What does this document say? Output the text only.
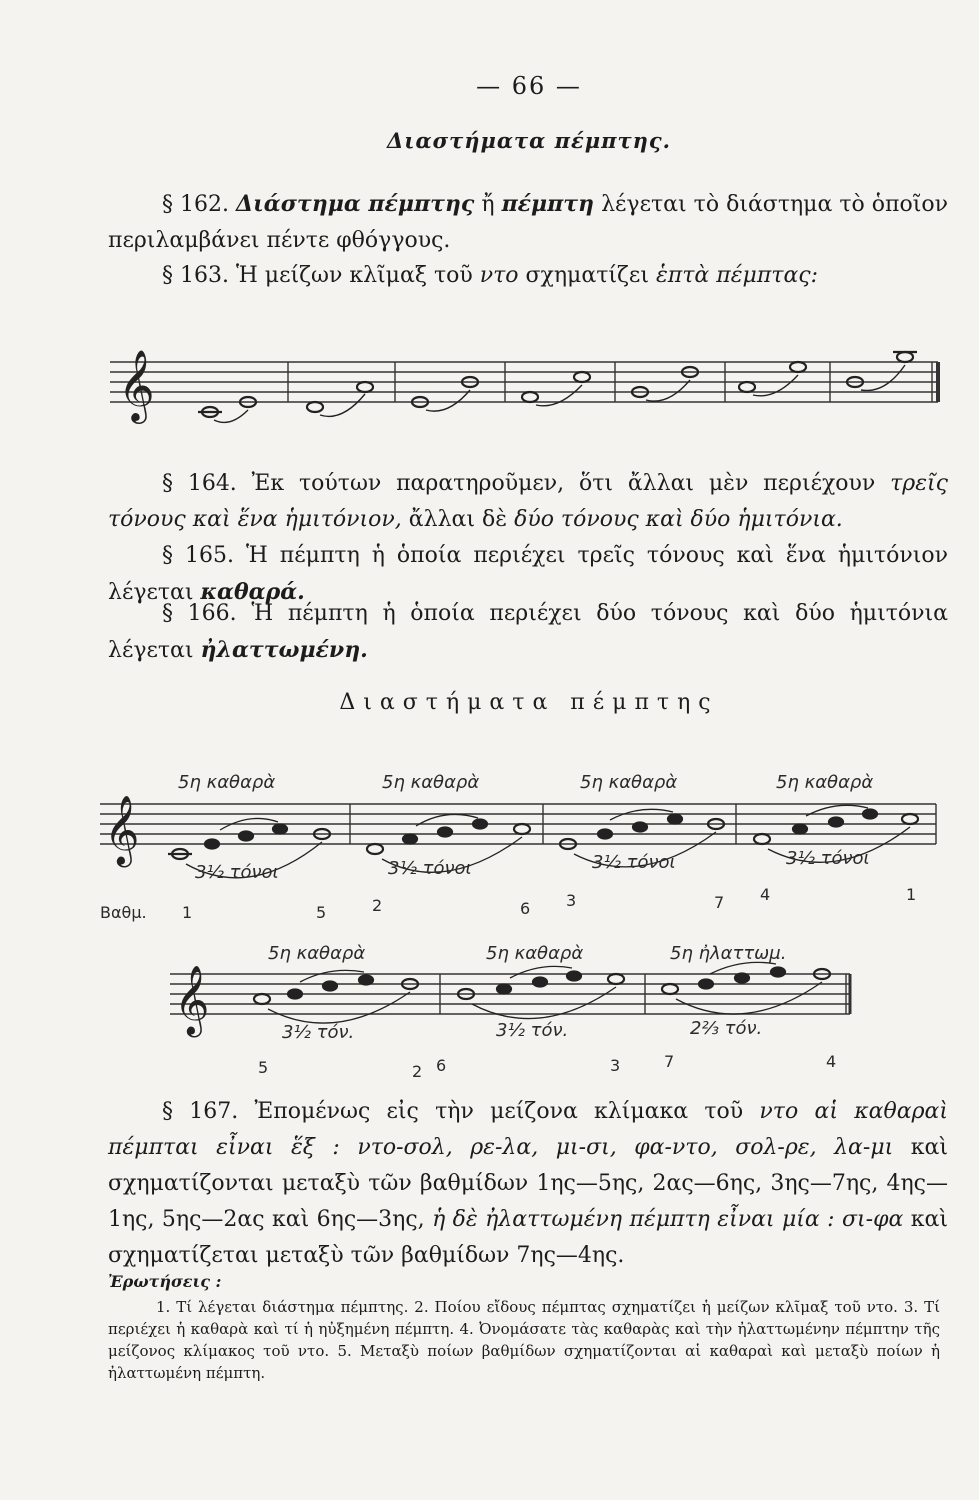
— 66 —
Διαστήματα πέμπτης.
§ 162. Διάστημα πέμπτης ἤ πέμπτη λέγεται τὸ διάστημα τὸ ὁποῖον περιλαμβάνει πέντε φθόγγους.
§ 163. Ἡ μείζων κλῖμαξ τοῦ ντο σχηματίζει ἑπτὰ πέμπτας:
𝄞
§ 164. Ἐκ τούτων παρατηροῦμεν, ὅτι ἄλλαι μὲν περιέχουν τρεῖς τόνους καὶ ἕνα ἡμιτόνιον, ἄλλαι δὲ δύο τόνους καὶ δύο ἡμιτόνια.
§ 165. Ἡ πέμπτη ἡ ὁποία περιέχει τρεῖς τόνους καὶ ἕνα ἡμιτόνιον λέγεται καθαρά.
§ 166. Ἡ πέμπτη ἡ ὁποία περιέχει δύο τόνους καὶ δύο ἡμιτόνια λέγεται ἠλαττωμένη.
Διαστήματα πέμπτης
5η καθαρὰ	5η καθαρὰ	5η καθαρὰ	5η καθαρὰ
𝄞
3½ τόνοι	3½ τόνοι	3½ τόνοι	3½ τόνοι
Βαθμ. 1	5	2	6 3	7 4	1
5η καθαρὰ	5η καθαρὰ	5η ἠλαττωμ.
𝄞	3½ τόν.	3½ τόν.	2⅔ τόν.
5	2 6	3	7	4
§ 167. Ἐπομένως εἰς τὴν μείζονα κλίμακα τοῦ ντο αἱ καθαραὶ πέμπται εἶναι ἕξ : ντο-σολ, ρε-λα, μι-σι, φα-ντο, σολ-ρε, λα-μι καὶ σχηματίζονται μεταξὺ τῶν βαθμίδων 1ης—5ης, 2ας—6ης, 3ης—7ης, 4ης—1ης, 5ης—2ας καὶ 6ης—3ης, ἡ δὲ ἠλαττωμένη πέμπτη εἶναι μία : σι-φα καὶ σχηματίζεται μεταξὺ τῶν βαθμίδων 7ης—4ης.
Ἐρωτήσεις :
1. Τί λέγεται διάστημα πέμπτης. 2. Ποίου εἴδους πέμπτας σχηματίζει ἡ μείζων κλῖμαξ τοῦ ντο. 3. Τί περιέχει ἡ καθαρὰ καὶ τί ἡ ηὐξημένη πέμπτη. 4. Ὀνομάσατε τὰς καθαρὰς καὶ τὴν ἠλαττωμένην πέμπτην τῆς μείζονος κλίμακος τοῦ ντο. 5. Μεταξὺ ποίων βαθμίδων σχηματίζονται αἱ καθαραὶ καὶ μεταξὺ ποίων ἡ ἠλαττωμένη πέμπτη.
